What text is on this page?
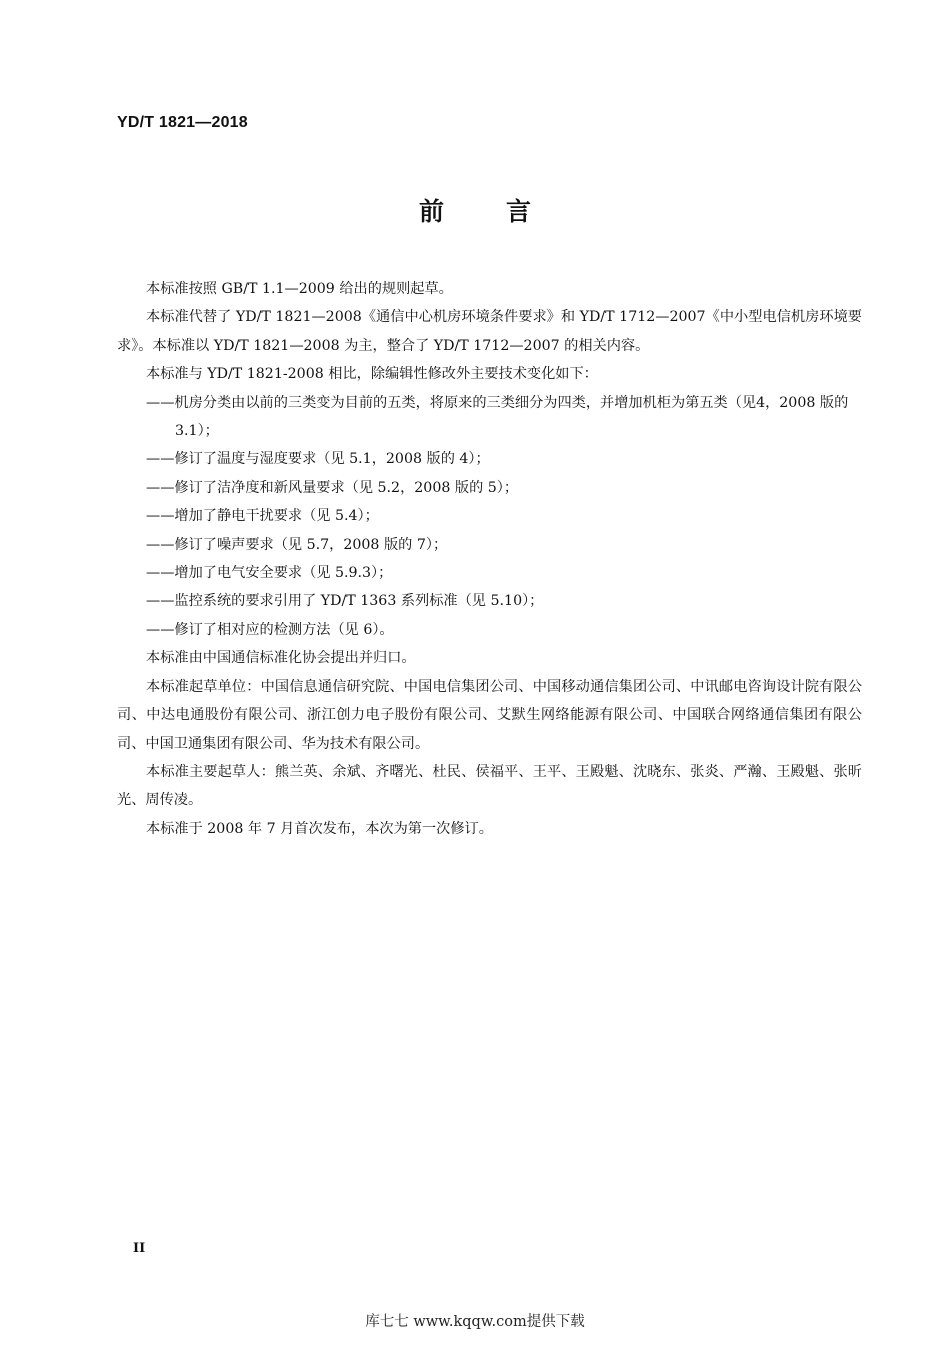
YD/T 1821—2018
前 言

本标准按照 GB/T 1.1—2009 给出的规则起草。

本标准代替了 YD/T 1821—2008《通信中心机房环境条件要求》和 YD/T 1712—2007《中小型电信机房环境要求》。本标准以 YD/T 1821—2008 为主，整合了 YD/T 1712—2007 的相关内容。

本标准与 YD/T 1821-2008 相比，除编辑性修改外主要技术变化如下：

——机房分类由以前的三类变为目前的五类，将原来的三类细分为四类，并增加机柜为第五类（见4，2008 版的 3.1）；

——修订了温度与湿度要求（见 5.1，2008 版的 4）；

——修订了洁净度和新风量要求（见 5.2，2008 版的 5）；

——增加了静电干扰要求（见 5.4）；

——修订了噪声要求（见 5.7，2008 版的 7）；

——增加了电气安全要求（见 5.9.3）；

——监控系统的要求引用了 YD/T 1363 系列标准（见 5.10）；

——修订了相对应的检测方法（见 6）。

本标准由中国通信标准化协会提出并归口。

本标准起草单位：中国信息通信研究院、中国电信集团公司、中国移动通信集团公司、中讯邮电咨询设计院有限公司、中达电通股份有限公司、浙江创力电子股份有限公司、艾默生网络能源有限公司、中国联合网络通信集团有限公司、中国卫通集团有限公司、华为技术有限公司。

本标准主要起草人：熊兰英、余斌、齐曙光、杜民、侯福平、王平、王殿魁、沈晓东、张炎、严瀚、王殿魁、张昕光、周传凌。

本标准于 2008 年 7 月首次发布，本次为第一次修订。

II
库七七 www.kqqw.com提供下载
